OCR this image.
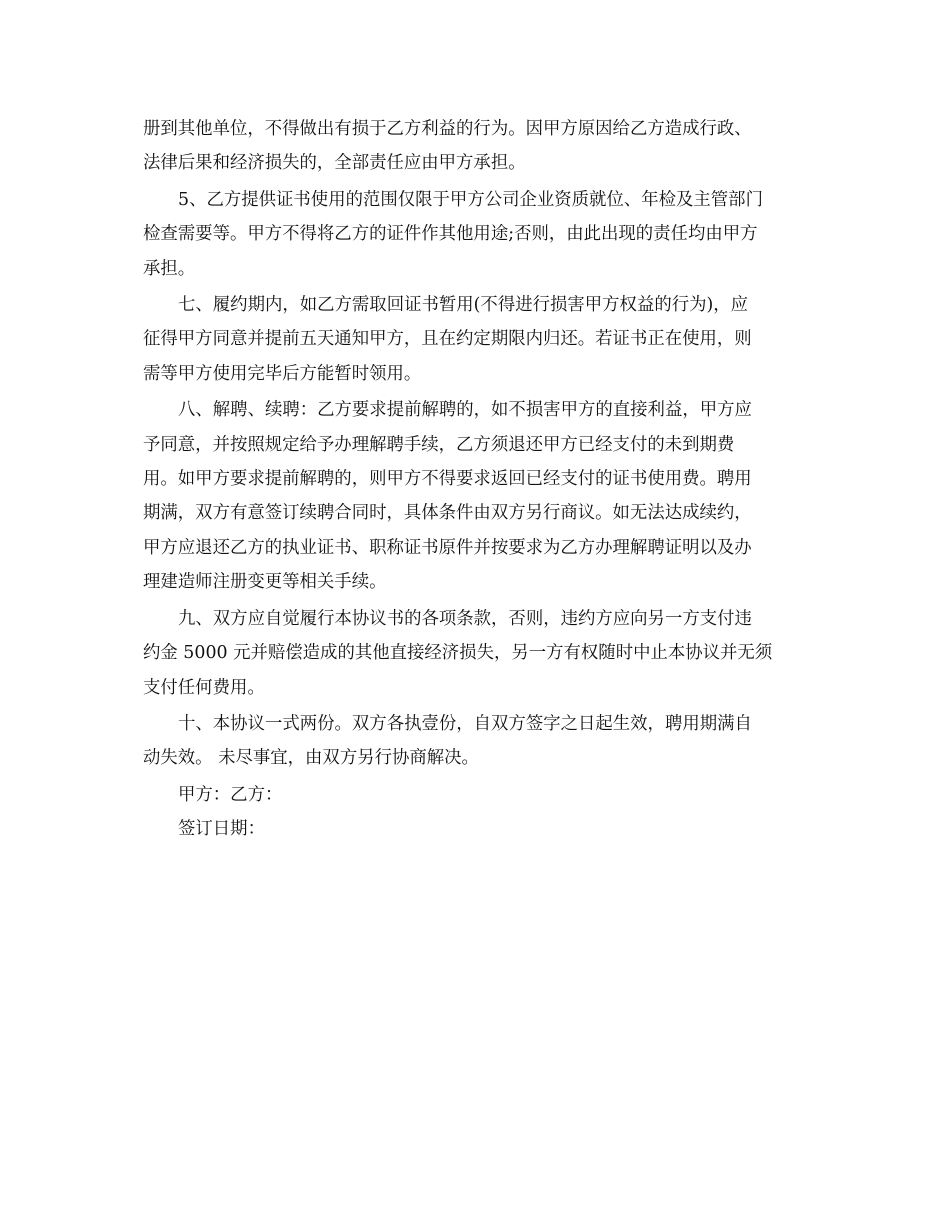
册到其他单位，不得做出有损于乙方利益的行为。因甲方原因给乙方造成行政、
法律后果和经济损失的，全部责任应由甲方承担。

5、乙方提供证书使用的范围仅限于甲方公司企业资质就位、年检及主管部门
检查需要等。甲方不得将乙方的证件作其他用途;否则，由此出现的责任均由甲方
承担。

七、履约期内，如乙方需取回证书暂用(不得进行损害甲方权益的行为)，应
征得甲方同意并提前五天通知甲方，且在约定期限内归还。若证书正在使用，则
需等甲方使用完毕后方能暂时领用。

八、解聘、续聘：乙方要求提前解聘的，如不损害甲方的直接利益，甲方应
予同意，并按照规定给予办理解聘手续，乙方须退还甲方已经支付的未到期费
用。如甲方要求提前解聘的，则甲方不得要求返回已经支付的证书使用费。聘用
期满，双方有意签订续聘合同时，具体条件由双方另行商议。如无法达成续约，
甲方应退还乙方的执业证书、职称证书原件并按要求为乙方办理解聘证明以及办
理建造师注册变更等相关手续。

九、双方应自觉履行本协议书的各项条款，否则，违约方应向另一方支付违
约金 5000 元并赔偿造成的其他直接经济损失，另一方有权随时中止本协议并无须
支付任何费用。

十、本协议一式两份。双方各执壹份，自双方签字之日起生效，聘用期满自
动失效。 未尽事宜，由双方另行协商解决。

甲方：乙方：

签订日期：
